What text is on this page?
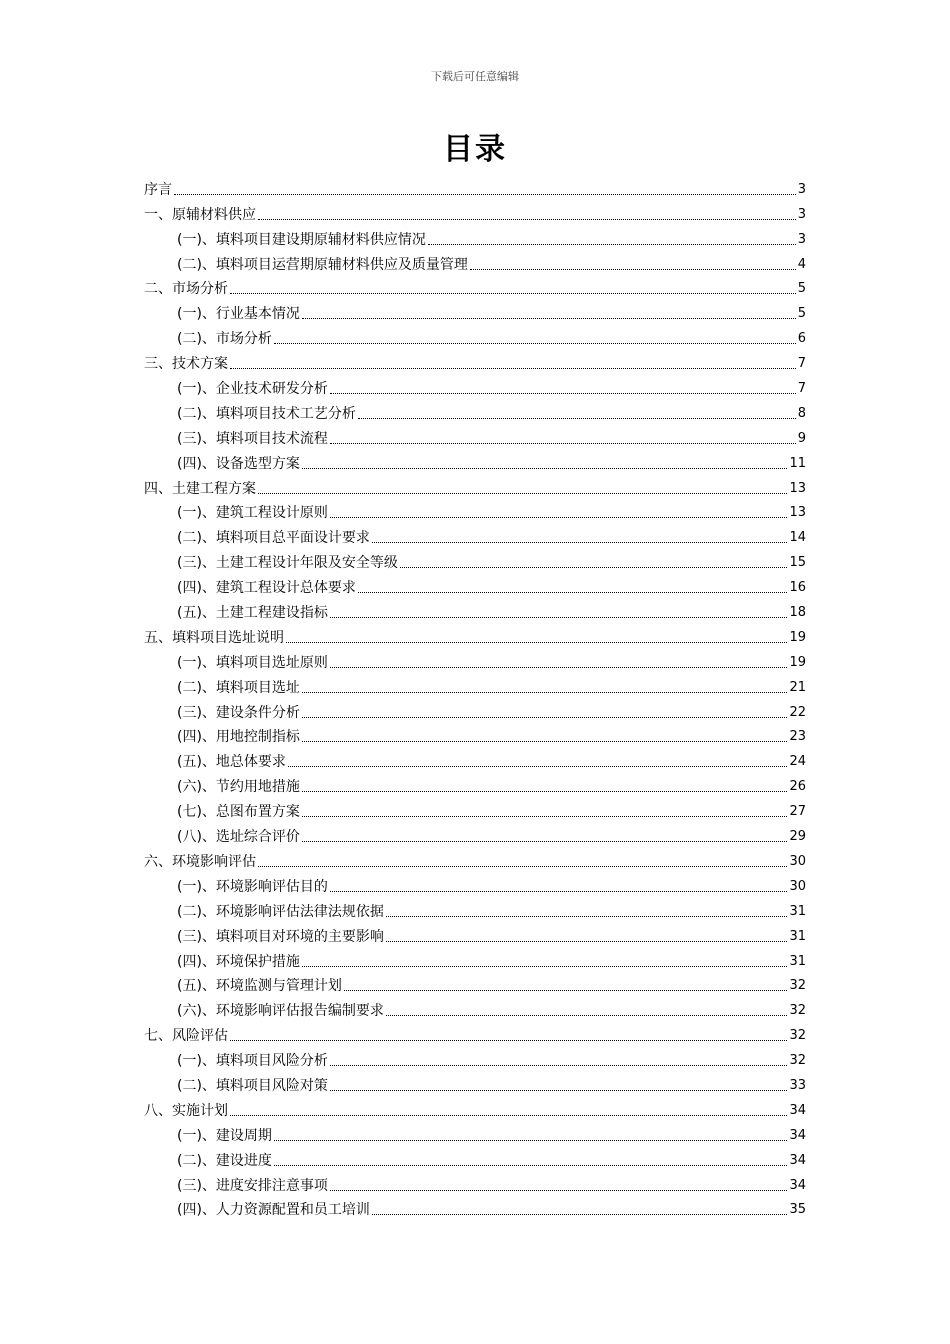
下载后可任意编辑
目录
序言	3
一、原辅材料供应	3
(一)、填料项目建设期原辅材料供应情况	3
(二)、填料项目运营期原辅材料供应及质量管理	4
二、市场分析	5
(一)、行业基本情况	5
(二)、市场分析	6
三、技术方案	7
(一)、企业技术研发分析	7
(二)、填料项目技术工艺分析	8
(三)、填料项目技术流程	9
(四)、设备选型方案	11
四、土建工程方案	13
(一)、建筑工程设计原则	13
(二)、填料项目总平面设计要求	14
(三)、土建工程设计年限及安全等级	15
(四)、建筑工程设计总体要求	16
(五)、土建工程建设指标	18
五、填料项目选址说明	19
(一)、填料项目选址原则	19
(二)、填料项目选址	21
(三)、建设条件分析	22
(四)、用地控制指标	23
(五)、地总体要求	24
(六)、节约用地措施	26
(七)、总图布置方案	27
(八)、选址综合评价	29
六、环境影响评估	30
(一)、环境影响评估目的	30
(二)、环境影响评估法律法规依据	31
(三)、填料项目对环境的主要影响	31
(四)、环境保护措施	31
(五)、环境监测与管理计划	32
(六)、环境影响评估报告编制要求	32
七、风险评估	32
(一)、填料项目风险分析	32
(二)、填料项目风险对策	33
八、实施计划	34
(一)、建设周期	34
(二)、建设进度	34
(三)、进度安排注意事项	34
(四)、人力资源配置和员工培训	35
